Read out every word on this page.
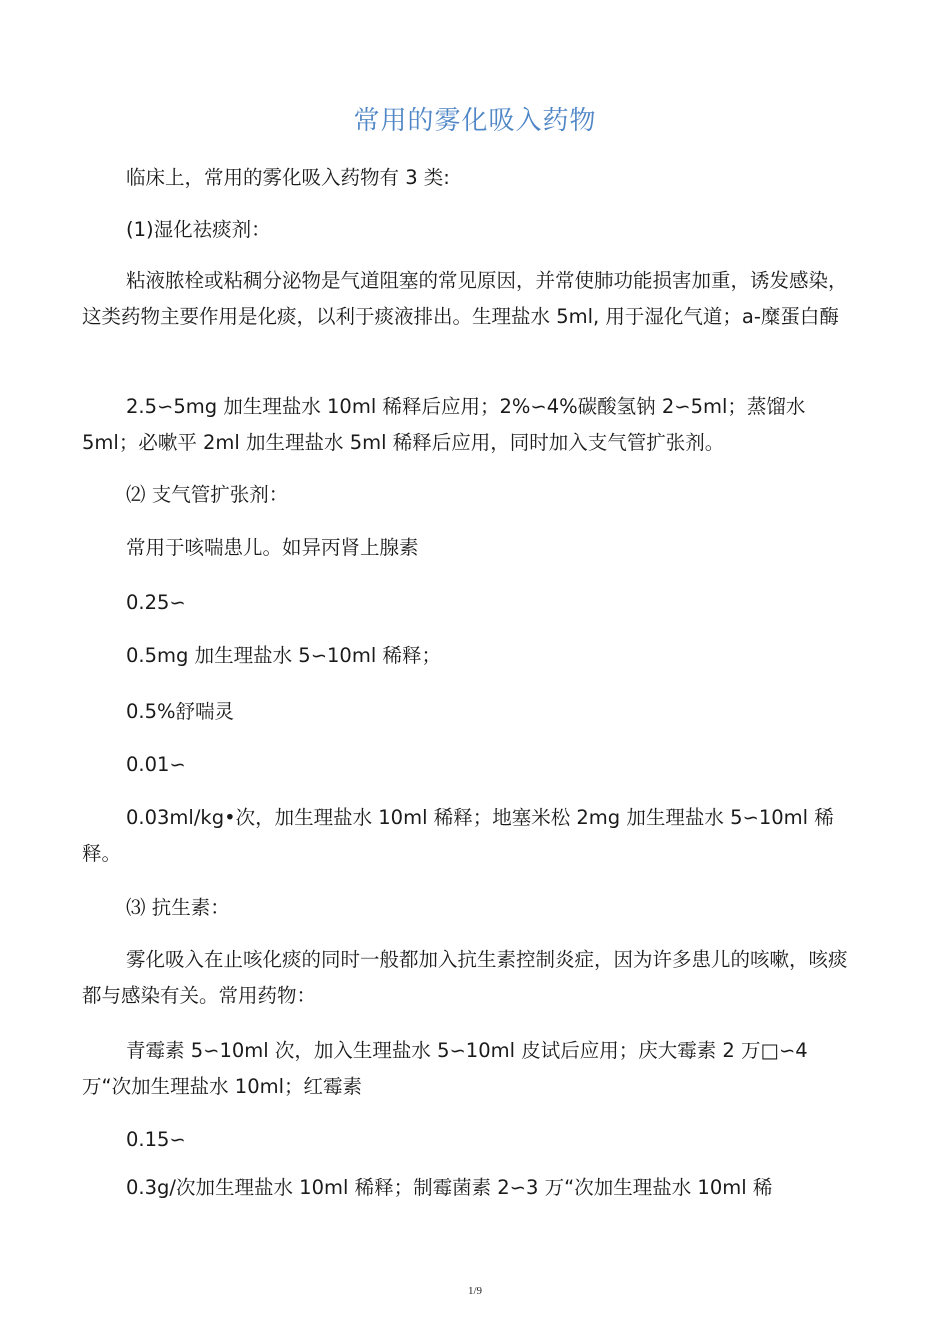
常用的雾化吸入药物

临床上，常用的雾化吸入药物有 3 类:

(1)湿化祛痰剂：

粘液脓栓或粘稠分泌物是气道阻塞的常见原因，并常使肺功能损害加重，诱发感染，这类药物主要作用是化痰，以利于痰液排出。生理盐水 5ml, 用于湿化气道；a-糜蛋白酶

2.5∽5mg 加生理盐水 10ml 稀释后应用；2%∽4%碳酸氢钠 2∽5ml；蒸馏水 5ml；必嗽平 2ml 加生理盐水 5ml 稀释后应用，同时加入支气管扩张剂。

⑵ 支气管扩张剂：

常用于咳喘患儿。如异丙肾上腺素

0.25∽

0.5mg 加生理盐水 5∽10ml 稀释；

0.5%舒喘灵

0.01∽

0.03ml/kg•次，加生理盐水 10ml 稀释；地塞米松 2mg 加生理盐水 5∽10ml 稀释。

⑶ 抗生素：

雾化吸入在止咳化痰的同时一般都加入抗生素控制炎症，因为许多患儿的咳嗽，咳痰都与感染有关。常用药物：

青霉素 5∽10ml 次，加入生理盐水 5∽10ml 皮试后应用；庆大霉素 2 万□∽4 万“次加生理盐水 10ml；红霉素

0.15∽

0.3g/次加生理盐水 10ml 稀释；制霉菌素 2∽3 万“次加生理盐水 10ml 稀

1/9
